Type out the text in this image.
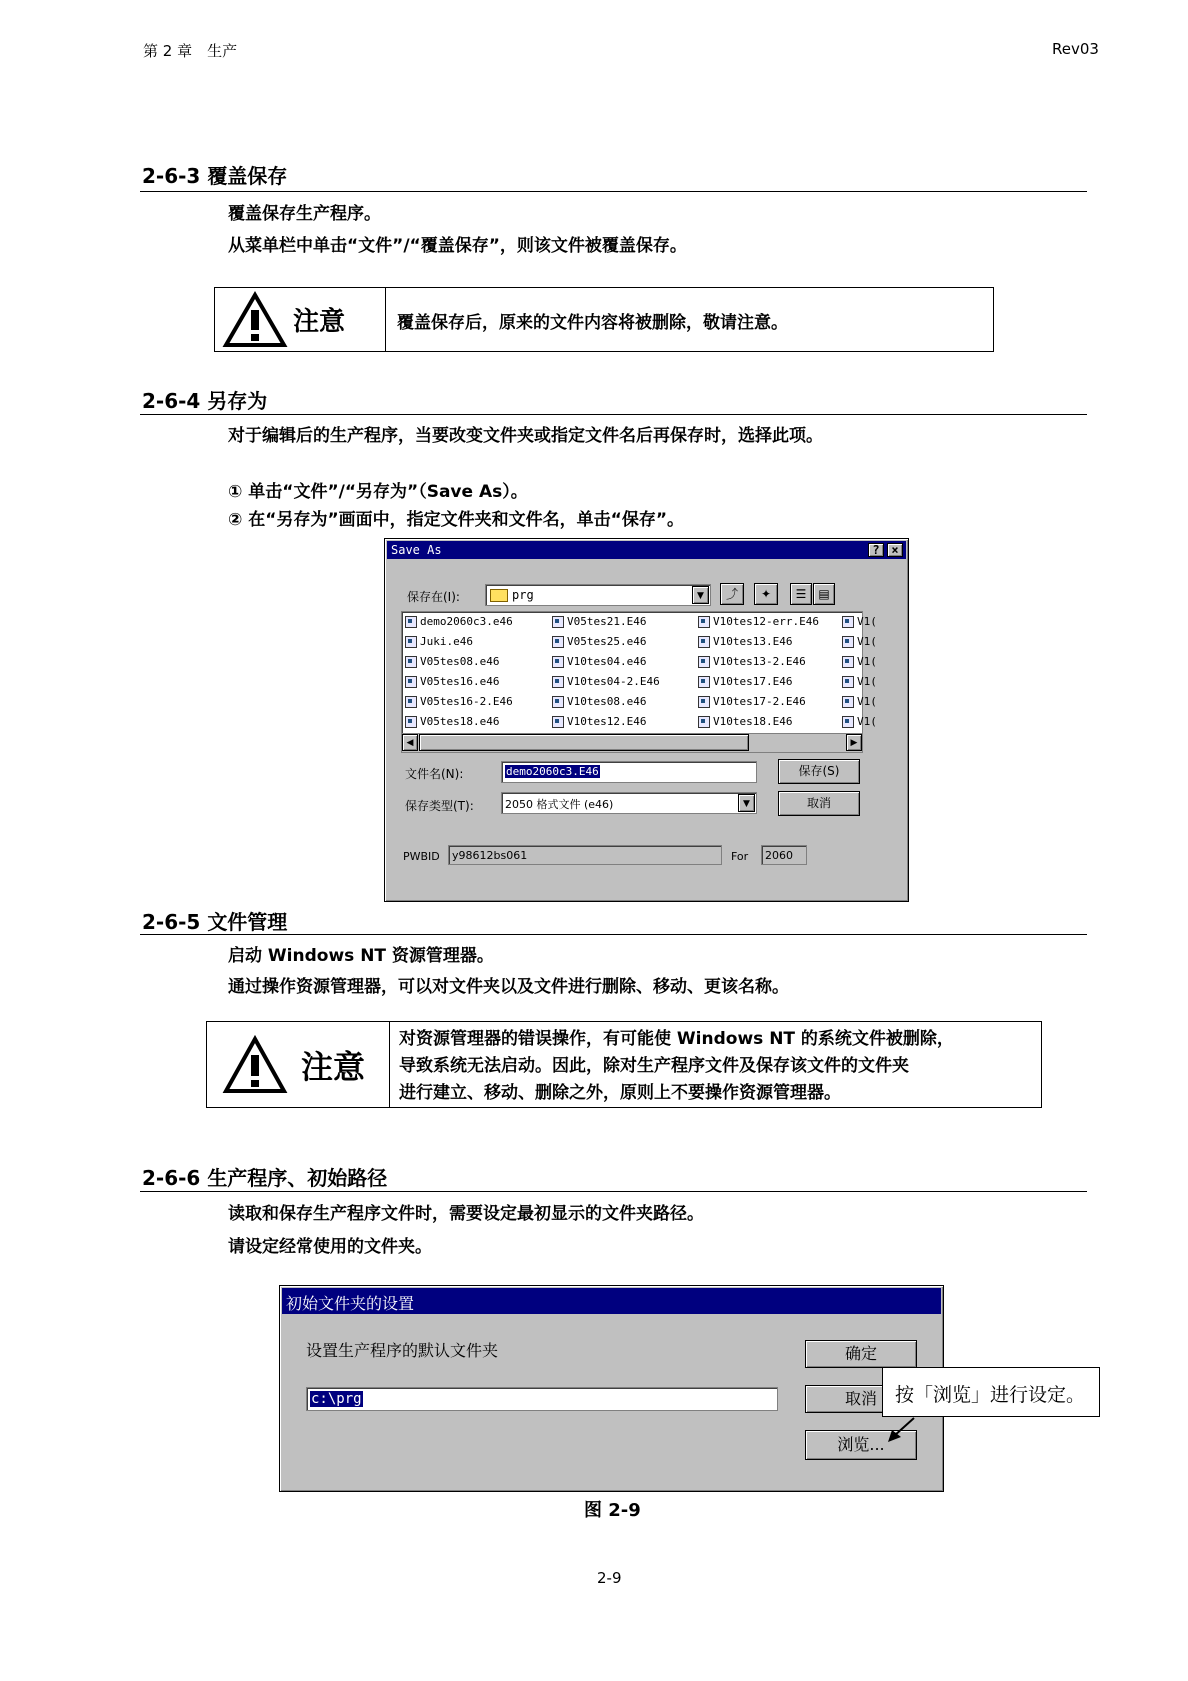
第 2 章　生产	Rev03
2-6-3 覆盖保存
覆盖保存生产程序。
从菜单栏中单击“文件”/“覆盖保存”，则该文件被覆盖保存。
注意	覆盖保存后，原来的文件内容将被删除，敬请注意。
2-6-4 另存为
对于编辑后的生产程序，当要改变文件夹或指定文件名后再保存时，选择此项。
① 单击“文件”/“另存为”（Save As）。
② 在“另存为”画面中，指定文件夹和文件名，单击“保存”。
Save As	? ×
保存在(I):	prg	▼	⤴	✦	☰ ▤
demo2060c3.e46	V05tes21.E46	V10tes12-err.E46	V1(
Juki.e46	V05tes25.e46	V10tes13.E46	V1(
V05tes08.e46	V10tes04.e46	V10tes13-2.E46	V1(
V05tes16.e46	V10tes04-2.E46	V10tes17.E46	V1(
V05tes16-2.E46	V10tes08.e46	V10tes17-2.E46	V1(
V05tes18.e46	V10tes12.E46	V10tes18.E46	V1(
◀	▶
文件名(N):	demo2060c3.E46	保存(S)
保存类型(T):	2050 格式文件 (e46)	▼	取消
PWBID y98612bs061	For 2060
2-6-5 文件管理
启动 Windows NT 资源管理器。
通过操作资源管理器，可以对文件夹以及文件进行删除、移动、更该名称。
注意
对资源管理器的错误操作，有可能使 Windows NT 的系统文件被删除，
导致系统无法启动。因此，除对生产程序文件及保存该文件的文件夹
进行建立、移动、删除之外，原则上不要操作资源管理器。
2-6-6 生产程序、初始路径
读取和保存生产程序文件时，需要设定最初显示的文件夹路径。
请设定经常使用的文件夹。
初始文件夹的设置
设置生产程序的默认文件夹
c:\prg
确定
取消
浏览...
按「浏览」进行设定。
图 2-9
2-9
